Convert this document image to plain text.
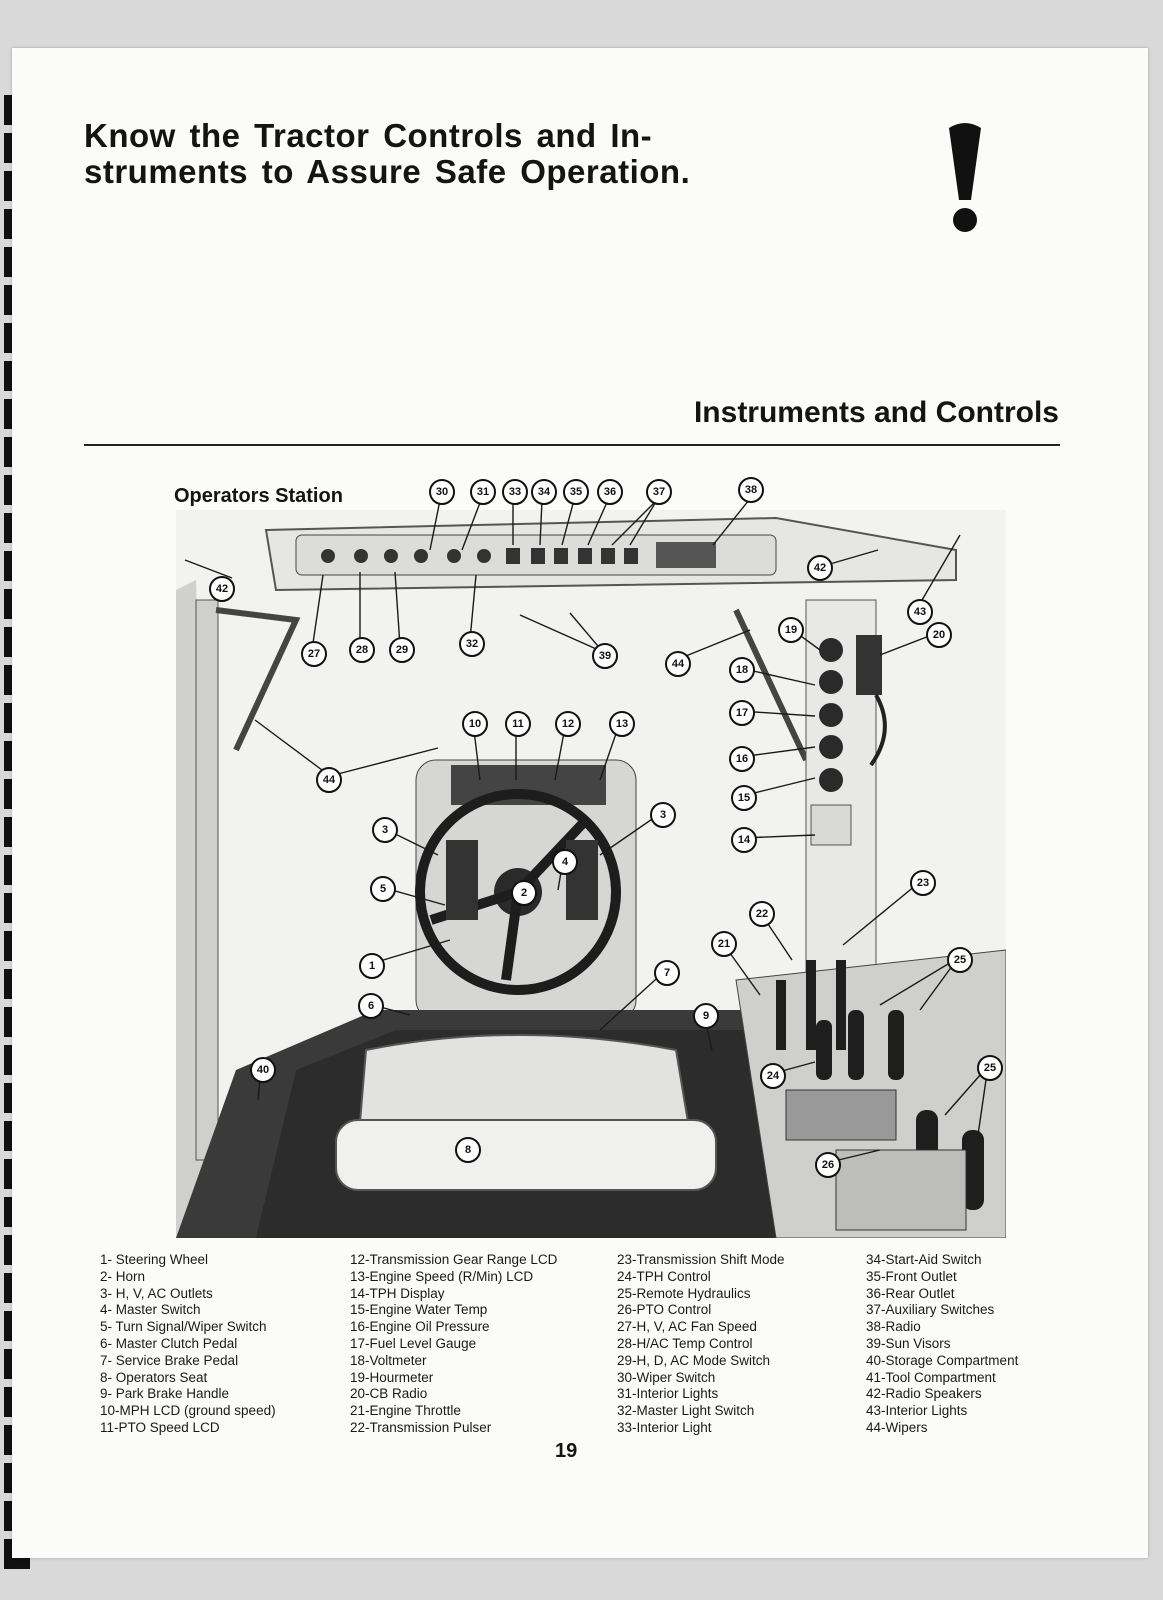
Know the Tractor Controls and In-
struments to Assure Safe Operation.
Instruments and Controls
Operators Station	30	31	33	34	35	36	37	38
42
42
43
27	28	29	32
39
44
44
19	20
18
17
16
15
14
10	11	12	13
3
3
4
2
5
1
6
7
9
40
8
22
21
23
25
24
25
26
1- Steering Wheel
2- Horn
3- H, V, AC Outlets
4- Master Switch
5- Turn Signal/Wiper Switch
6- Master Clutch Pedal
7- Service Brake Pedal
8- Operators Seat
9- Park Brake Handle
10-MPH LCD (ground speed)
11-PTO Speed LCD
12-Transmission Gear Range LCD
13-Engine Speed (R/Min) LCD
14-TPH Display
15-Engine Water Temp
16-Engine Oil Pressure
17-Fuel Level Gauge
18-Voltmeter
19-Hourmeter
20-CB Radio
21-Engine Throttle
22-Transmission Pulser
23-Transmission Shift Mode
24-TPH Control
25-Remote Hydraulics
26-PTO Control
27-H, V, AC Fan Speed
28-H/AC Temp Control
29-H, D, AC Mode Switch
30-Wiper Switch
31-Interior Lights
32-Master Light Switch
33-Interior Light
34-Start-Aid Switch
35-Front Outlet
36-Rear Outlet
37-Auxiliary Switches
38-Radio
39-Sun Visors
40-Storage Compartment
41-Tool Compartment
42-Radio Speakers
43-Interior Lights
44-Wipers
19
